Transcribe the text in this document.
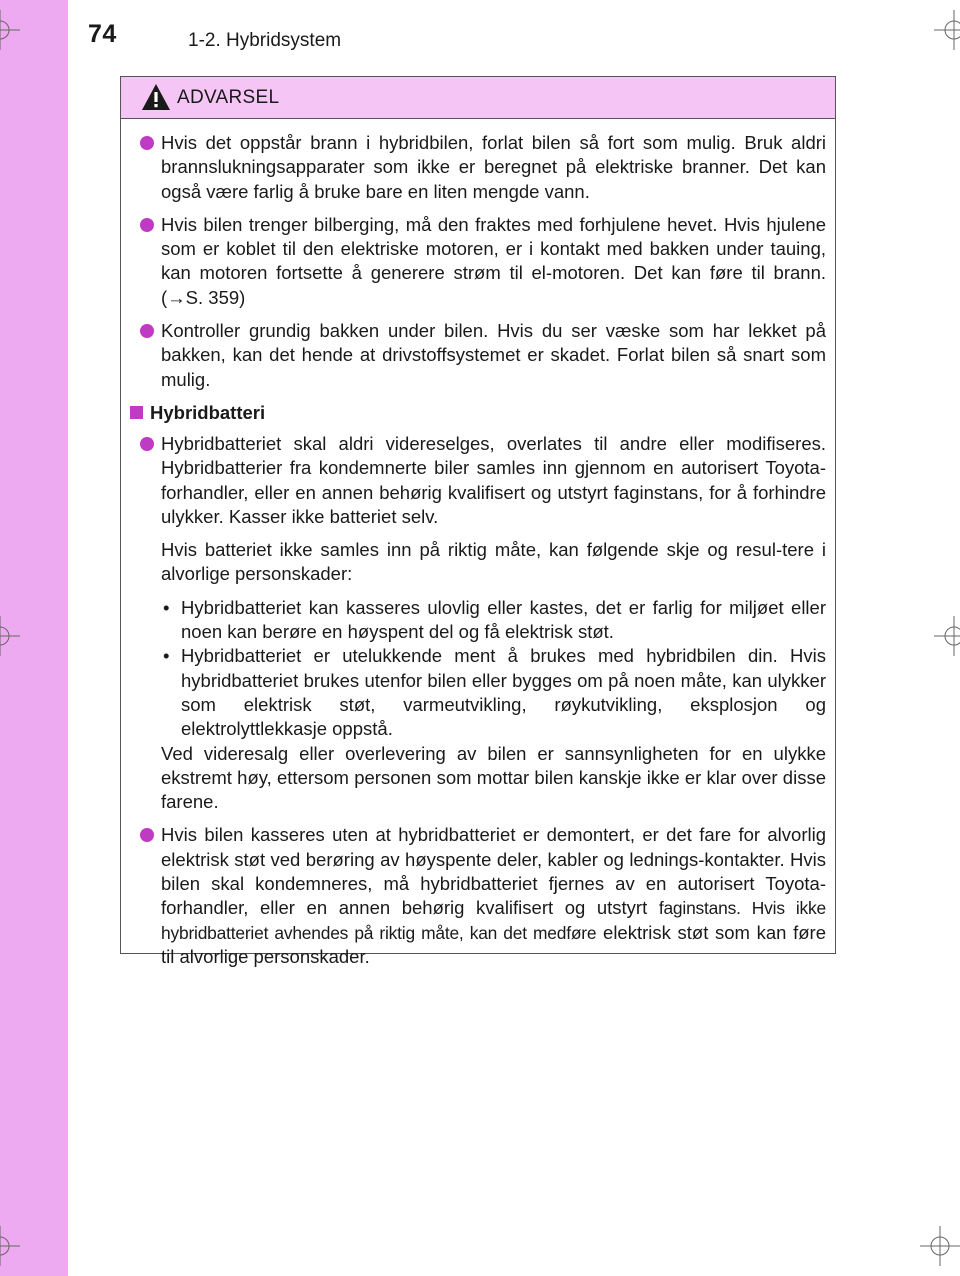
74	1-2. Hybridsystem
ADVARSEL
Hvis det oppstår brann i hybridbilen, forlat bilen så fort som mulig. Bruk aldri brannslukningsapparater som ikke er beregnet på elektriske branner. Det kan også være farlig å bruke bare en liten mengde vann.
Hvis bilen trenger bilberging, må den fraktes med forhjulene hevet. Hvis hjulene som er koblet til den elektriske motoren, er i kontakt med bakken under tauing, kan motoren fortsette å generere strøm til el-motoren. Det kan føre til brann. (→S. 359)
Kontroller grundig bakken under bilen. Hvis du ser væske som har lekket på bakken, kan det hende at drivstoffsystemet er skadet. Forlat bilen så snart som mulig.
Hybridbatteri
Hybridbatteriet skal aldri videreselges, overlates til andre eller modifiseres. Hybridbatterier fra kondemnerte biler samles inn gjennom en autorisert Toyota-forhandler, eller en annen behørig kvalifisert og utstyrt faginstans, for å forhindre ulykker. Kasser ikke batteriet selv.
Hvis batteriet ikke samles inn på riktig måte, kan følgende skje og resul-tere i alvorlige personskader:
• Hybridbatteriet kan kasseres ulovlig eller kastes, det er farlig for miljøet eller noen kan berøre en høyspent del og få elektrisk støt.
• Hybridbatteriet er utelukkende ment å brukes med hybridbilen din. Hvis hybridbatteriet brukes utenfor bilen eller bygges om på noen måte, kan ulykker som elektrisk støt, varmeutvikling, røykutvikling, eksplosjon og elektrolyttlekkasje oppstå.
Ved videresalg eller overlevering av bilen er sannsynligheten for en ulykke ekstremt høy, ettersom personen som mottar bilen kanskje ikke er klar over disse farene.
Hvis bilen kasseres uten at hybridbatteriet er demontert, er det fare for alvorlig elektrisk støt ved berøring av høyspente deler, kabler og lednings-kontakter. Hvis bilen skal kondemneres, må hybridbatteriet fjernes av en autorisert Toyota-forhandler, eller en annen behørig kvalifisert og utstyrt faginstans. Hvis ikke hybridbatteriet avhendes på riktig måte, kan det medføre elektrisk støt som kan føre til alvorlige personskader.
